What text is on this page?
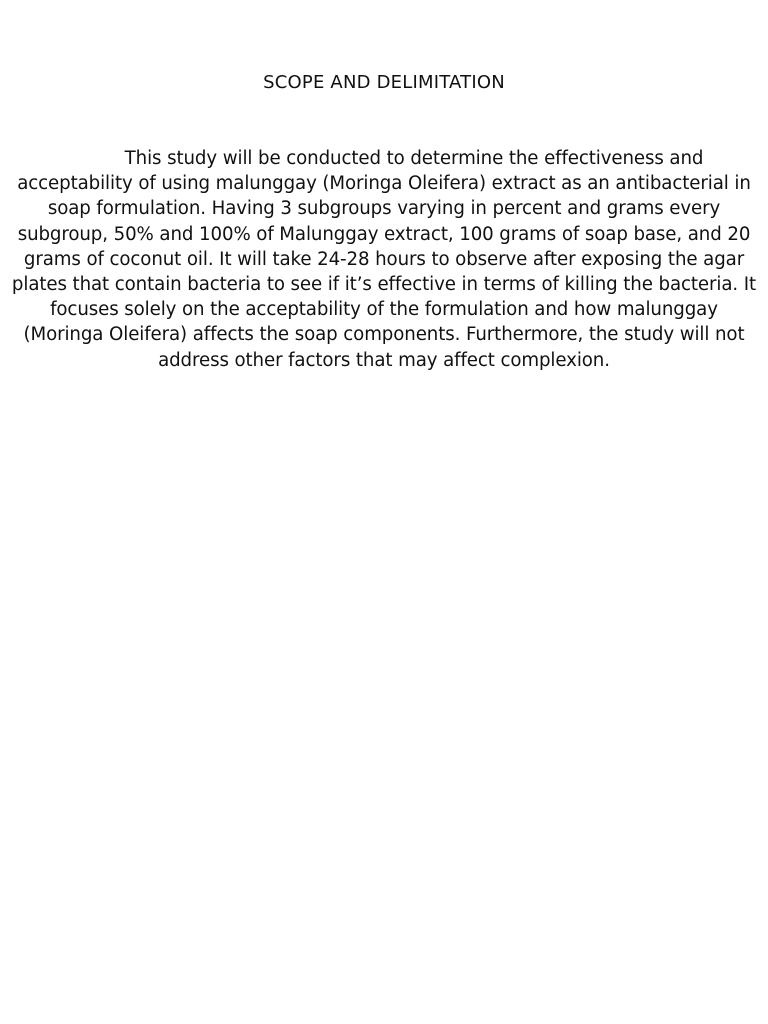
SCOPE AND DELIMITATION

This study will be conducted to determine the effectiveness and acceptability of using malunggay (Moringa Oleifera) extract as an antibacterial in soap formulation. Having 3 subgroups varying in percent and grams every subgroup, 50% and 100% of Malunggay extract, 100 grams of soap base, and 20 grams of coconut oil. It will take 24-28 hours to observe after exposing the agar plates that contain bacteria to see if it’s effective in terms of killing the bacteria. It focuses solely on the acceptability of the formulation and how malunggay (Moringa Oleifera) affects the soap components. Furthermore, the study will not address other factors that may affect complexion.
